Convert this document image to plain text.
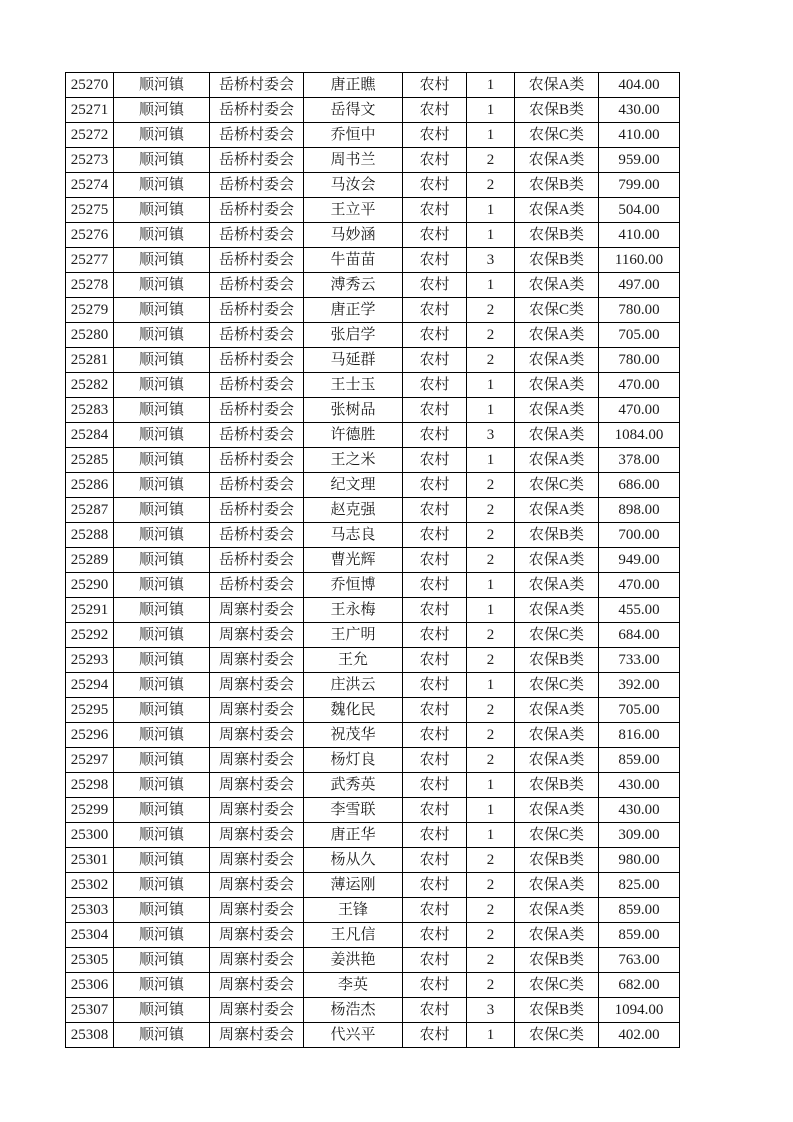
25270	顺河镇	岳桥村委会	唐正瞧	农村	1	农保A类	404.00
25271	顺河镇	岳桥村委会	岳得文	农村	1	农保B类	430.00
25272	顺河镇	岳桥村委会	乔恒中	农村	1	农保C类	410.00
25273	顺河镇	岳桥村委会	周书兰	农村	2	农保A类	959.00
25274	顺河镇	岳桥村委会	马汝会	农村	2	农保B类	799.00
25275	顺河镇	岳桥村委会	王立平	农村	1	农保A类	504.00
25276	顺河镇	岳桥村委会	马妙涵	农村	1	农保B类	410.00
25277	顺河镇	岳桥村委会	牛苗苗	农村	3	农保B类	1160.00
25278	顺河镇	岳桥村委会	溥秀云	农村	1	农保A类	497.00
25279	顺河镇	岳桥村委会	唐正学	农村	2	农保C类	780.00
25280	顺河镇	岳桥村委会	张启学	农村	2	农保A类	705.00
25281	顺河镇	岳桥村委会	马延群	农村	2	农保A类	780.00
25282	顺河镇	岳桥村委会	王士玉	农村	1	农保A类	470.00
25283	顺河镇	岳桥村委会	张树品	农村	1	农保A类	470.00
25284	顺河镇	岳桥村委会	许德胜	农村	3	农保A类	1084.00
25285	顺河镇	岳桥村委会	王之米	农村	1	农保A类	378.00
25286	顺河镇	岳桥村委会	纪文理	农村	2	农保C类	686.00
25287	顺河镇	岳桥村委会	赵克强	农村	2	农保A类	898.00
25288	顺河镇	岳桥村委会	马志良	农村	2	农保B类	700.00
25289	顺河镇	岳桥村委会	曹光辉	农村	2	农保A类	949.00
25290	顺河镇	岳桥村委会	乔恒博	农村	1	农保A类	470.00
25291	顺河镇	周寨村委会	王永梅	农村	1	农保A类	455.00
25292	顺河镇	周寨村委会	王广明	农村	2	农保C类	684.00
25293	顺河镇	周寨村委会	王允	农村	2	农保B类	733.00
25294	顺河镇	周寨村委会	庄洪云	农村	1	农保C类	392.00
25295	顺河镇	周寨村委会	魏化民	农村	2	农保A类	705.00
25296	顺河镇	周寨村委会	祝茂华	农村	2	农保A类	816.00
25297	顺河镇	周寨村委会	杨灯良	农村	2	农保A类	859.00
25298	顺河镇	周寨村委会	武秀英	农村	1	农保B类	430.00
25299	顺河镇	周寨村委会	李雪联	农村	1	农保A类	430.00
25300	顺河镇	周寨村委会	唐正华	农村	1	农保C类	309.00
25301	顺河镇	周寨村委会	杨从久	农村	2	农保B类	980.00
25302	顺河镇	周寨村委会	薄运刚	农村	2	农保A类	825.00
25303	顺河镇	周寨村委会	王锋	农村	2	农保A类	859.00
25304	顺河镇	周寨村委会	王凡信	农村	2	农保A类	859.00
25305	顺河镇	周寨村委会	姜洪艳	农村	2	农保B类	763.00
25306	顺河镇	周寨村委会	李英	农村	2	农保C类	682.00
25307	顺河镇	周寨村委会	杨浩杰	农村	3	农保B类	1094.00
25308	顺河镇	周寨村委会	代兴平	农村	1	农保C类	402.00
